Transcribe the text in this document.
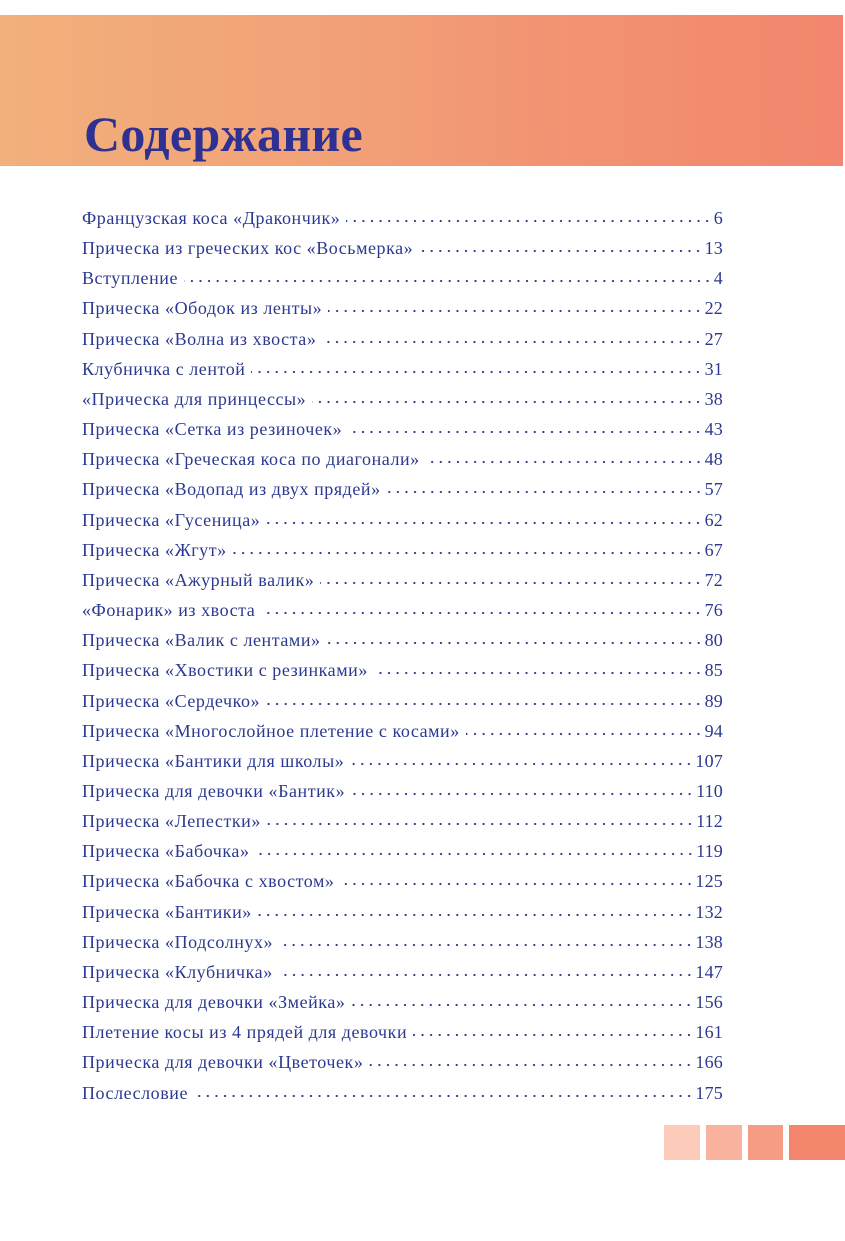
Содержание
Французская коса «Дракончик»	6
Прическа из греческих кос «Восьмерка»	13
Вступление	4
Прическа «Ободок из ленты»	22
Прическа «Волна из хвоста»	27
Клубничка с лентой	31
«Прическа для принцессы»	38
Прическа «Сетка из резиночек»	43
Прическа «Греческая коса по диагонали»	48
Прическа «Водопад из двух прядей»	57
Прическа «Гусеница»	62
Прическа «Жгут»	67
Прическа «Ажурный валик»	72
«Фонарик» из хвоста	76
Прическа «Валик с лентами»	80
Прическа «Хвостики с резинками»	85
Прическа «Сердечко»	89
Прическа «Многослойное плетение с косами»	94
Прическа «Бантики для школы»	107
Прическа для девочки «Бантик»	110
Прическа «Лепестки»	112
Прическа «Бабочка»	119
Прическа «Бабочка с хвостом»	125
Прическа «Бантики»	132
Прическа «Подсолнух»	138
Прическа «Клубничка»	147
Прическа для девочки «Змейка»	156
Плетение косы из 4 прядей для девочки	161
Прическа для девочки «Цветочек»	166
Послесловие	175
